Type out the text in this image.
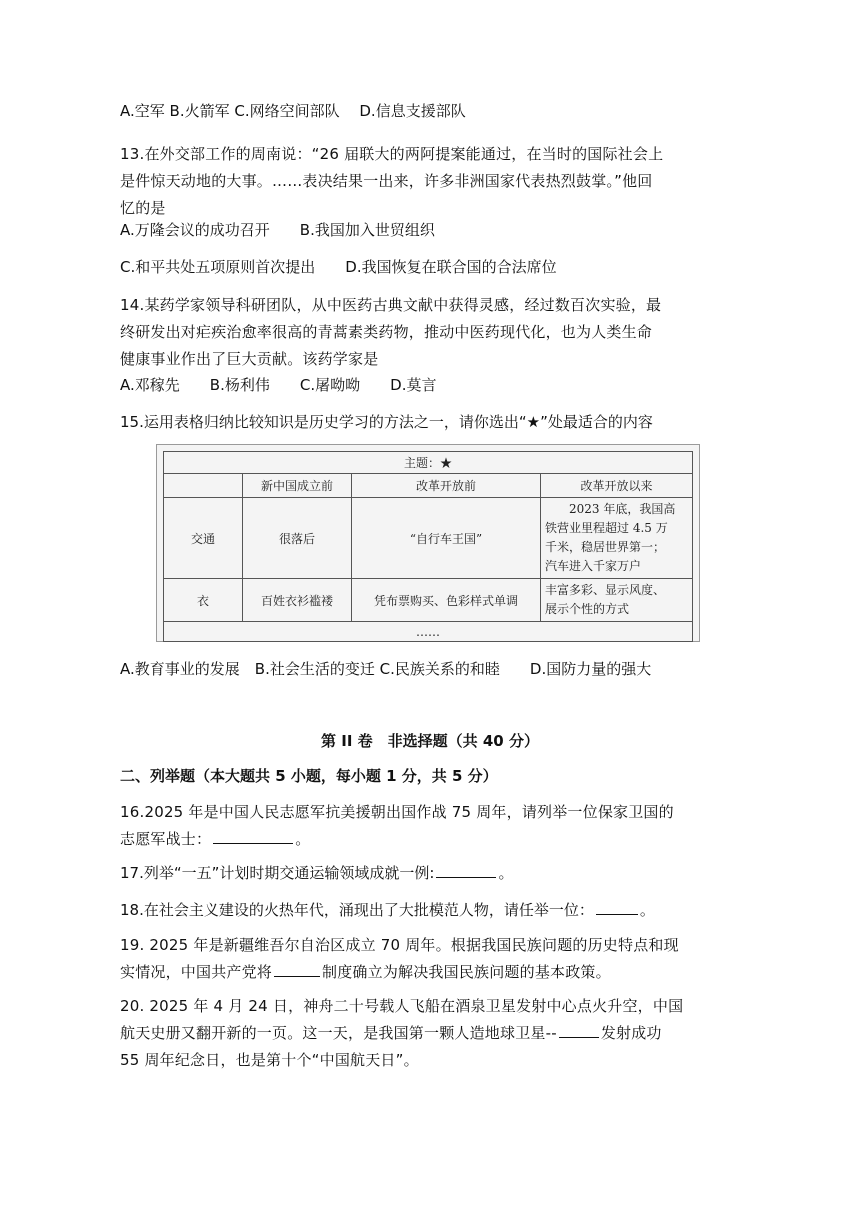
A.空军 B.火箭军 C.网络空间部队　 D.信息支援部队
13.在外交部工作的周南说：“26 届联大的两阿提案能通过，在当时的国际社会上
是件惊天动地的大事。……表决结果一出来，许多非洲国家代表热烈鼓掌。”他回
忆的是
A.万隆会议的成功召开　　 B.我国加入世贸组织
C.和平共处五项原则首次提出　　 D.我国恢复在联合国的合法席位
14.某药学家领导科研团队，从中医药古典文献中获得灵感，经过数百次实验，最
终研发出对疟疾治愈率很高的青蒿素类药物，推动中医药现代化，也为人类生命
健康事业作出了巨大贡献。该药学家是
A.邓稼先　　 B.杨利伟　　 C.屠呦呦　　 D.莫言
15.运用表格归纳比较知识是历史学习的方法之一，请你选出“★”处最适合的内容
主题：★			
	新中国成立前	改革开放前	改革开放以来
交通	很落后	“自行车王国”	　　2023 年底，我国高
铁营业里程超过 4.5 万
千米，稳居世界第一；
汽车进入千家万户

衣	百姓衣衫褴褛	凭布票购买、色彩样式单调	丰富多彩、显示风度、
展示个性的方式

……			
A.教育事业的发展　 B.社会生活的变迁 C.民族关系的和睦　　 D.国防力量的强大
第 II 卷　非选择题（共 40 分）
二、列举题（本大题共 5 小题，每小题 1 分，共 5 分）
16.2025 年是中国人民志愿军抗美援朝出国作战 75 周年，请列举一位保家卫国的
志愿军战士：	。
17.列举“一五”计划时期交通运输领域成就一例:	。
18.在社会主义建设的火热年代，涌现出了大批模范人物，请任举一位：	。
19. 2025 年是新疆维吾尔自治区成立 70 周年。根据我国民族问题的历史特点和现
实情况，中国共产党将	制度确立为解决我国民族问题的基本政策。
20. 2025 年 4 月 24 日，神舟二十号载人飞船在酒泉卫星发射中心点火升空，中国
航天史册又翻开新的一页。这一天，是我国第一颗人造地球卫星--	发射成功
55 周年纪念日，也是第十个“中国航天日”。
